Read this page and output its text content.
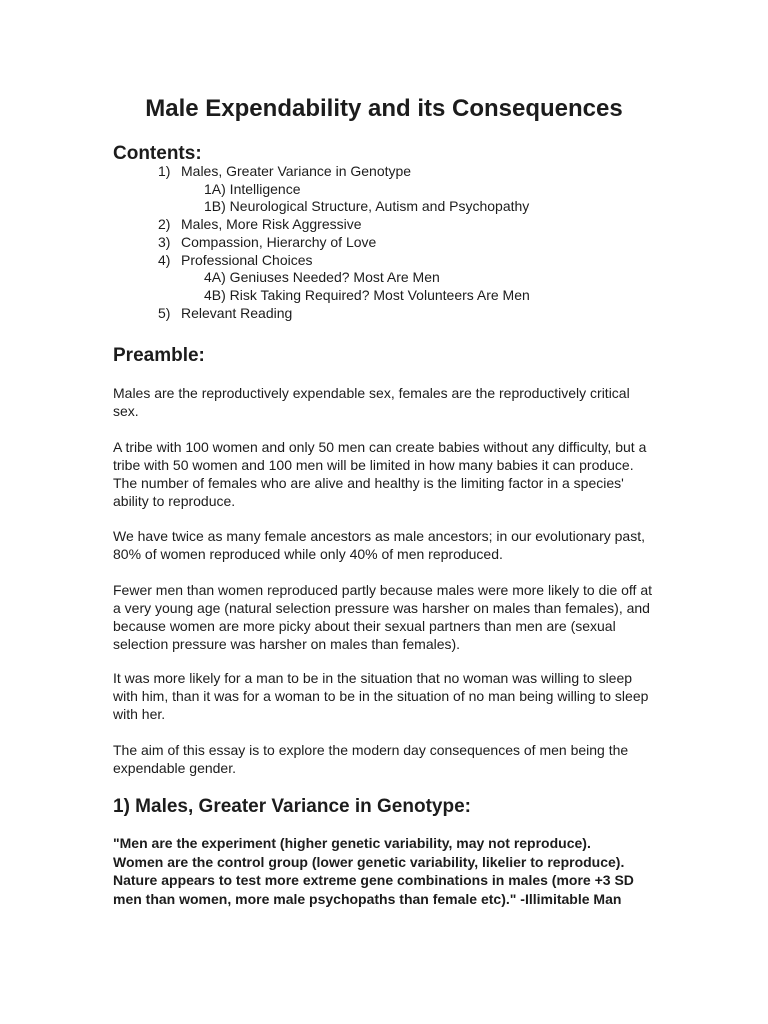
Male Expendability and its Consequences
Contents:
1) Males, Greater Variance in Genotype
1A) Intelligence
1B) Neurological Structure, Autism and Psychopathy
2) Males, More Risk Aggressive
3) Compassion, Hierarchy of Love
4) Professional Choices
4A) Geniuses Needed? Most Are Men
4B) Risk Taking Required? Most Volunteers Are Men
5) Relevant Reading
Preamble:

Males are the reproductively expendable sex, females are the reproductively critical sex.

A tribe with 100 women and only 50 men can create babies without any difficulty, but a tribe with 50 women and 100 men will be limited in how many babies it can produce. The number of females who are alive and healthy is the limiting factor in a species' ability to reproduce.

We have twice as many female ancestors as male ancestors; in our evolutionary past, 80% of women reproduced while only 40% of men reproduced.

Fewer men than women reproduced partly because males were more likely to die off at a very young age (natural selection pressure was harsher on males than females), and because women are more picky about their sexual partners than men are (sexual selection pressure was harsher on males than females).

It was more likely for a man to be in the situation that no woman was willing to sleep with him, than it was for a woman to be in the situation of no man being willing to sleep with her.

The aim of this essay is to explore the modern day consequences of men being the expendable gender.

1) Males, Greater Variance in Genotype:

"Men are the experiment (higher genetic variability, may not reproduce). Women are the control group (lower genetic variability, likelier to reproduce). Nature appears to test more extreme gene combinations in males (more +3 SD men than women, more male psychopaths than female etc)." -Illimitable Man
